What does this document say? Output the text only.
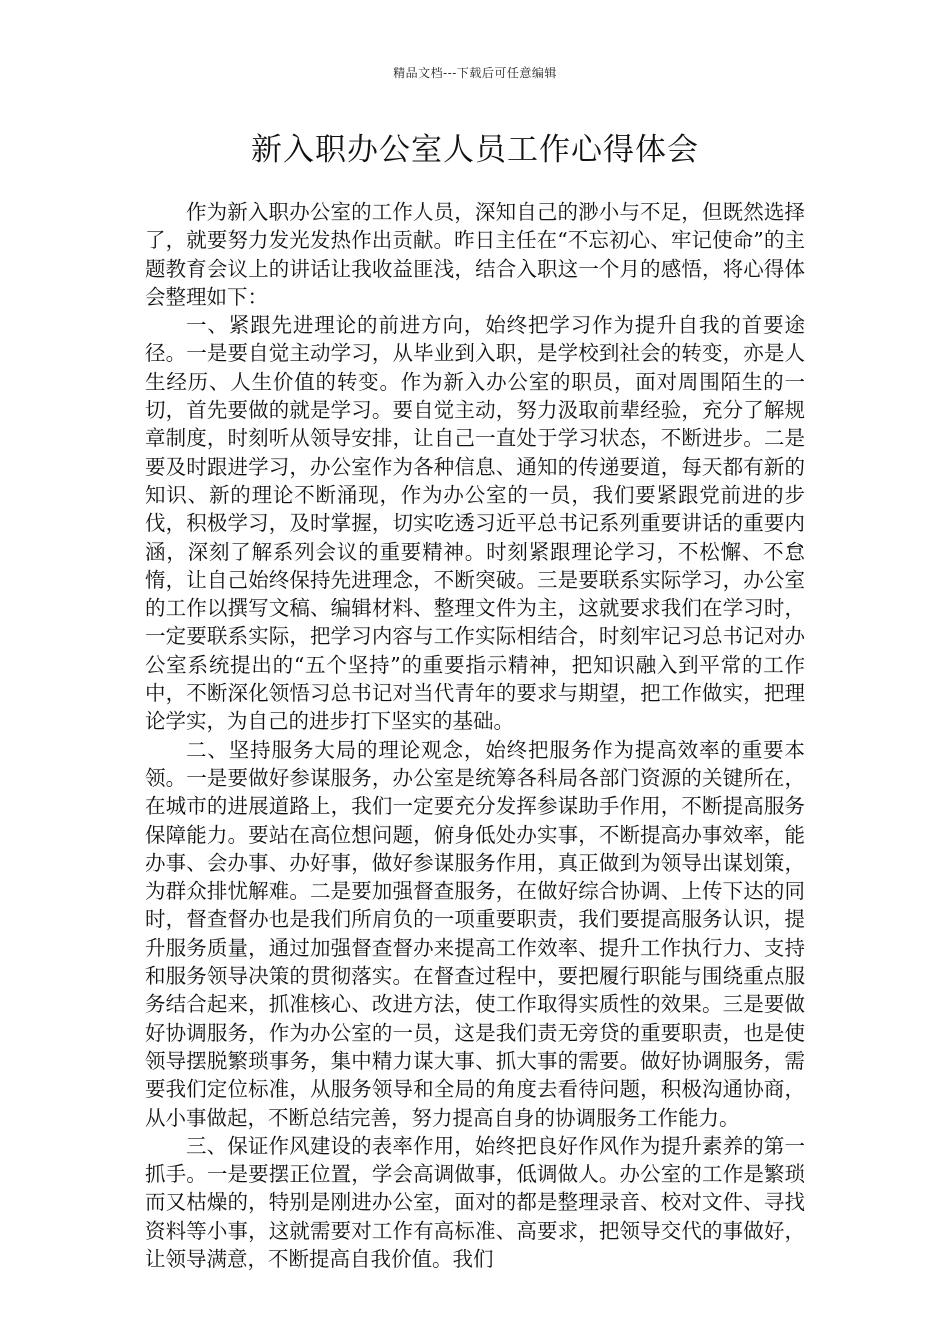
精品文档---下载后可任意编辑
新入职办公室人员工作心得体会

作为新入职办公室的工作人员，深知自己的渺小与不足，但既然选择了，就要努力发光发热作出贡献。昨日主任在“不忘初心、牢记使命”的主题教育会议上的讲话让我收益匪浅，结合入职这一个月的感悟，将心得体会整理如下：

一、紧跟先进理论的前进方向，始终把学习作为提升自我的首要途径。一是要自觉主动学习，从毕业到入职，是学校到社会的转变，亦是人生经历、人生价值的转变。作为新入办公室的职员，面对周围陌生的一切，首先要做的就是学习。要自觉主动，努力汲取前辈经验，充分了解规章制度，时刻听从领导安排，让自己一直处于学习状态，不断进步。二是要及时跟进学习，办公室作为各种信息、通知的传递要道，每天都有新的知识、新的理论不断涌现，作为办公室的一员，我们要紧跟党前进的步伐，积极学习，及时掌握，切实吃透习近平总书记系列重要讲话的重要内涵，深刻了解系列会议的重要精神。时刻紧跟理论学习，不松懈、不怠惰，让自己始终保持先进理念，不断突破。三是要联系实际学习，办公室的工作以撰写文稿、编辑材料、整理文件为主，这就要求我们在学习时，一定要联系实际，把学习内容与工作实际相结合，时刻牢记习总书记对办公室系统提出的“五个坚持”的重要指示精神，把知识融入到平常的工作中，不断深化领悟习总书记对当代青年的要求与期望，把工作做实，把理论学实，为自己的进步打下坚实的基础。

二、坚持服务大局的理论观念，始终把服务作为提高效率的重要本领。一是要做好参谋服务，办公室是统筹各科局各部门资源的关键所在，在城市的进展道路上，我们一定要充分发挥参谋助手作用，不断提高服务保障能力。要站在高位想问题，俯身低处办实事，不断提高办事效率，能办事、会办事、办好事，做好参谋服务作用，真正做到为领导出谋划策，为群众排忧解难。二是要加强督查服务，在做好综合协调、上传下达的同时，督查督办也是我们所肩负的一项重要职责，我们要提高服务认识，提升服务质量，通过加强督查督办来提高工作效率、提升工作执行力、支持和服务领导决策的贯彻落实。在督查过程中，要把履行职能与围绕重点服务结合起来，抓准核心、改进方法，使工作取得实质性的效果。三是要做好协调服务，作为办公室的一员，这是我们责无旁贷的重要职责，也是使领导摆脱繁琐事务，集中精力谋大事、抓大事的需要。做好协调服务，需要我们定位标准，从服务领导和全局的角度去看待问题，积极沟通协商，从小事做起，不断总结完善，努力提高自身的协调服务工作能力。

三、保证作风建设的表率作用，始终把良好作风作为提升素养的第一抓手。一是要摆正位置，学会高调做事，低调做人。办公室的工作是繁琐而又枯燥的，特别是刚进办公室，面对的都是整理录音、校对文件、寻找资料等小事，这就需要对工作有高标准、高要求，把领导交代的事做好，让领导满意，不断提高自我价值。我们
